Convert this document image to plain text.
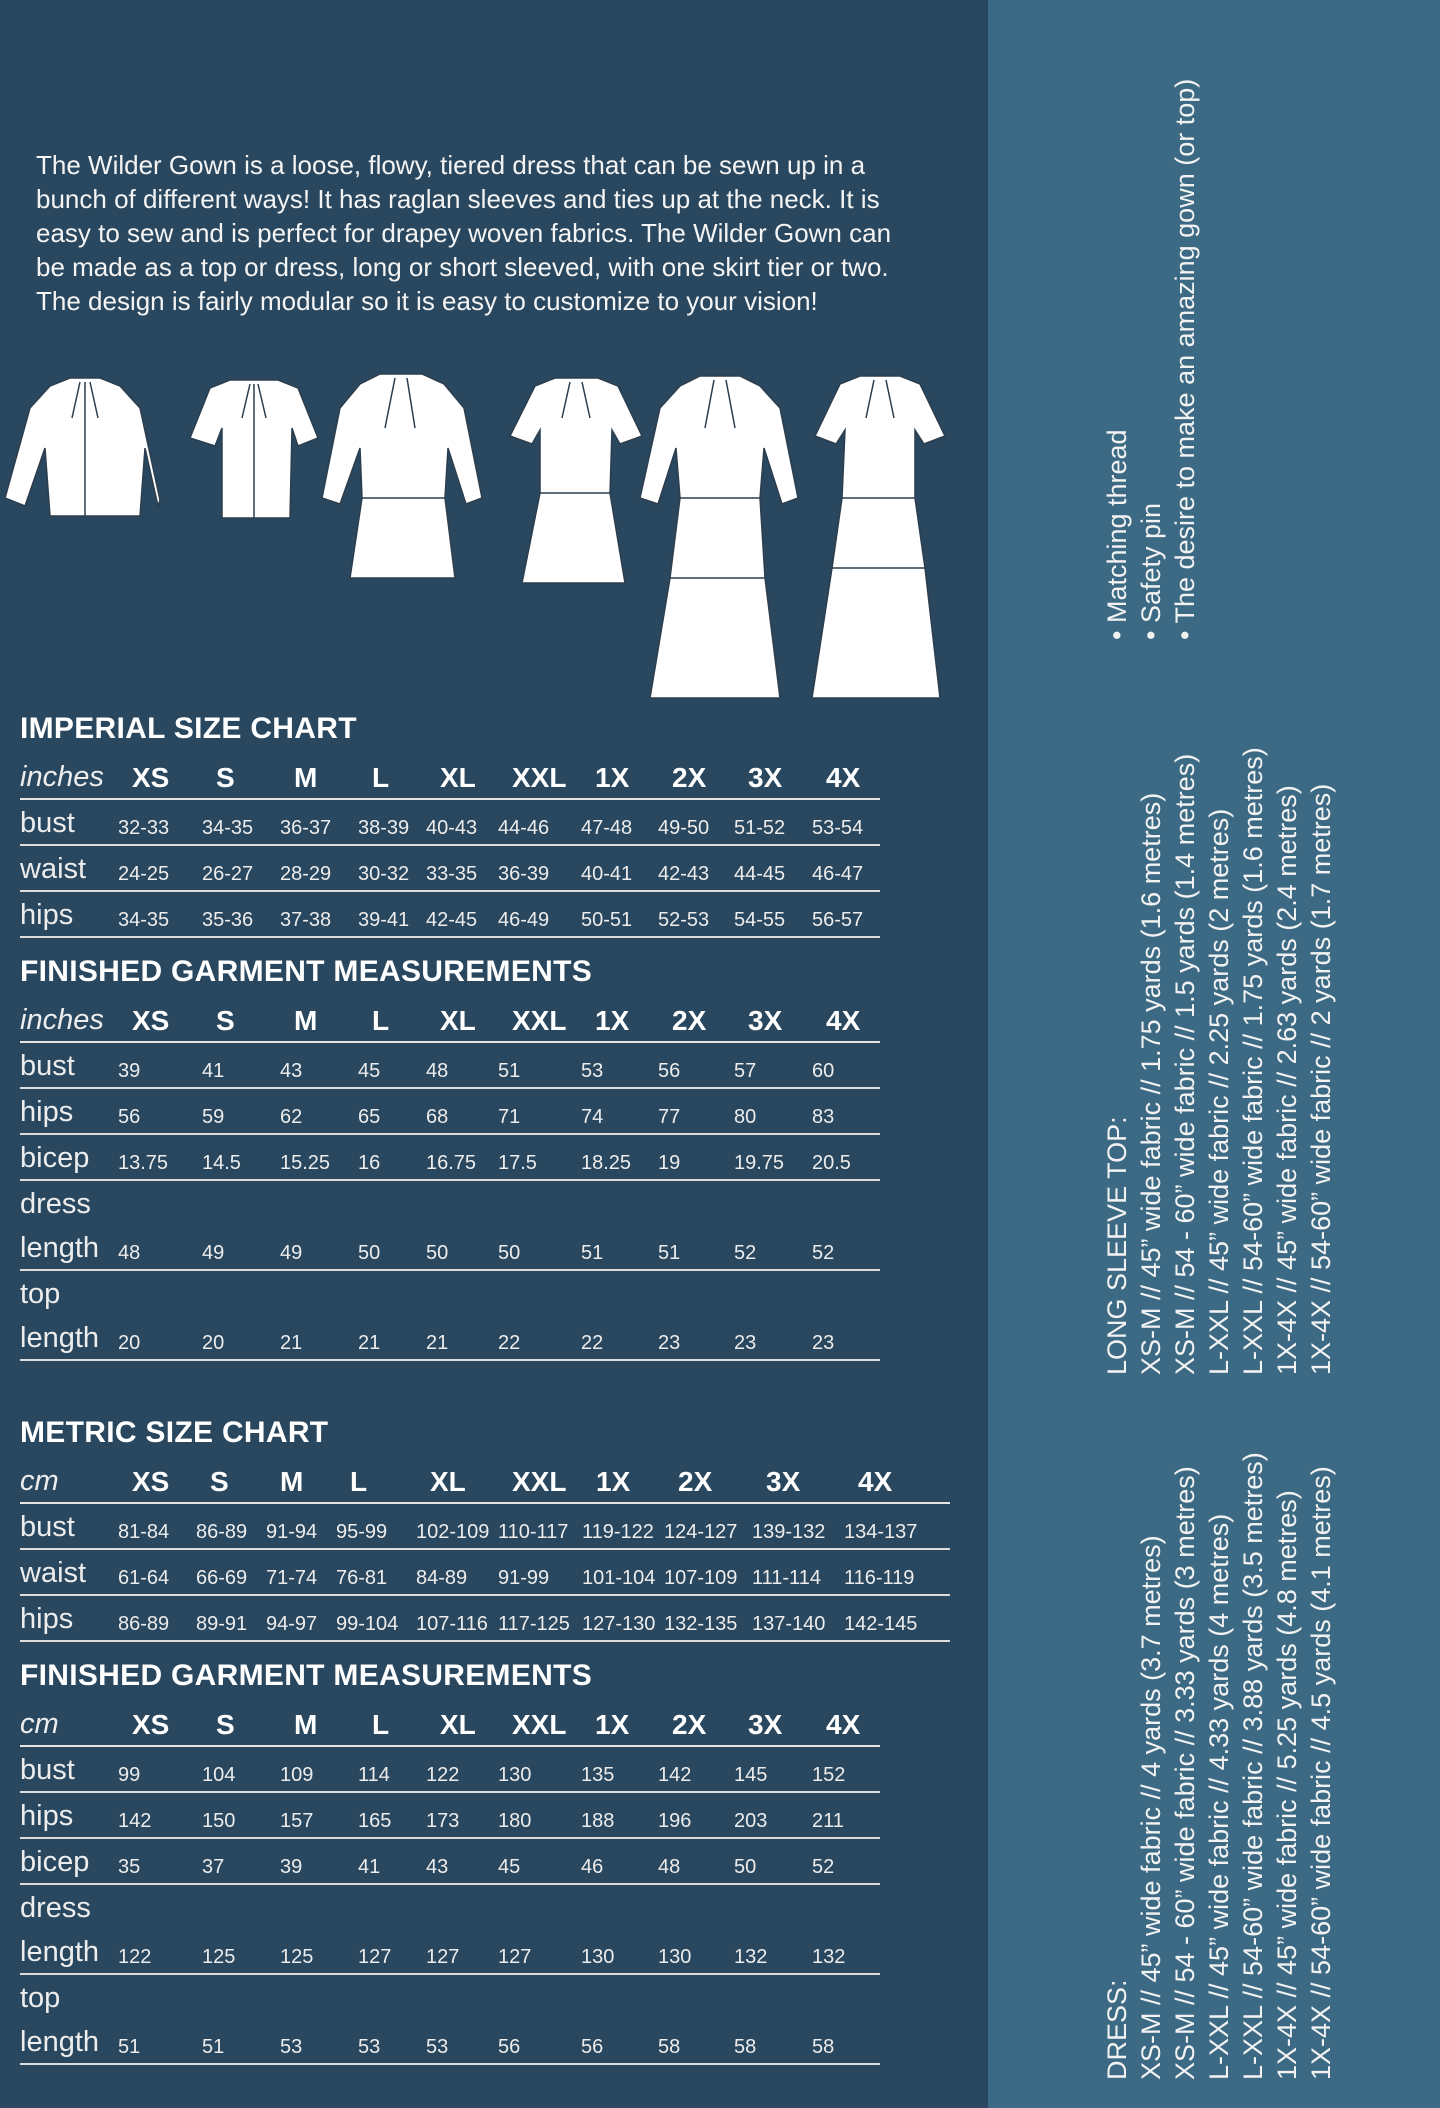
The Wilder Gown is a loose, flowy, tiered dress that can be sewn up in a bunch of different ways! It has raglan sleeves and ties up at the neck. It is easy to sew and is perfect for drapey woven fabrics. The Wilder Gown can be made as a top or dress, long or short sleeved, with one skirt tier or two. The design is fairly modular so it is easy to customize to your vision!
IMPERIAL SIZE CHART
inches XS S M L XL XXL 1X 2X 3X 4X
bust 32-33 34-35 36-37 38-39 40-43 44-46 47-48 49-50 51-52 53-54
waist 24-25 26-27 28-29 30-32 33-35 36-39 40-41 42-43 44-45 46-47
hips 34-35 35-36 37-38 39-41 42-45 46-49 50-51 52-53 54-55 56-57
FINISHED GARMENT MEASUREMENTS
inches XS S M L XL XXL 1X 2X 3X 4X
bust 39	41	43	45 48 51	53	56	57	60
hips 56	59	62	65 68 71	74	77	80	83
bicep 13.75 14.5 15.25 16 16.75 17.5 18.25 19	19.75 20.5
dress
length 48	49	49	50 50 50	51	51	52	52
top
length 20	20	21	21 21 22	22	23	23	23
METRIC SIZE CHART
cm	XS S M L XL XXL 1X 2X 3X 4X
bust 81-84 86-89 91-94 95-99 102-109 110-117 119-122 124-127 139-132 134-137
waist 61-64 66-69 71-74 76-81 84-89 91-99 101-104 107-109 111-114 116-119
hips 86-89 89-91 94-97 99-104 107-116 117-125 127-130 132-135 137-140 142-145
FINISHED GARMENT MEASUREMENTS
cm	XS S M L XL XXL 1X 2X 3X 4X
bust 99	104 109 114 122 130 135 142 145 152
hips 142	150 157 165 173 180 188 196 203 211
bicep 35	37	39	41 43 45	46	48	50	52
dress
length 122	125 125 127 127 127 130 130 132 132
top
length 51	51	53	53 53 56	56	58	58	58
• Matching thread • Safety pin • The desire to make an amazing gown (or top)
LONG SLEEVE TOP: XS-M // 45” wide fabric // 1.75 yards (1.6 metres) XS-M // 54 - 60” wide fabric // 1.5 yards (1.4 metres) L-XXL // 45” wide fabric // 2.25 yards (2 metres) L-XXL // 54-60” wide fabric // 1.75 yards (1.6 metres) 1X-4X // 45” wide fabric // 2.63 yards (2.4 metres) 1X-4X // 54-60” wide fabric // 2 yards (1.7 metres)
DRESS: XS-M // 45” wide fabric // 4 yards (3.7 metres) XS-M // 54 - 60” wide fabric // 3.33 yards (3 metres) L-XXL // 45” wide fabric // 4.33 yards (4 metres) L-XXL // 54-60” wide fabric // 3.88 yards (3.5 metres) 1X-4X // 45” wide fabric // 5.25 yards (4.8 metres) 1X-4X // 54-60” wide fabric // 4.5 yards (4.1 metres)
